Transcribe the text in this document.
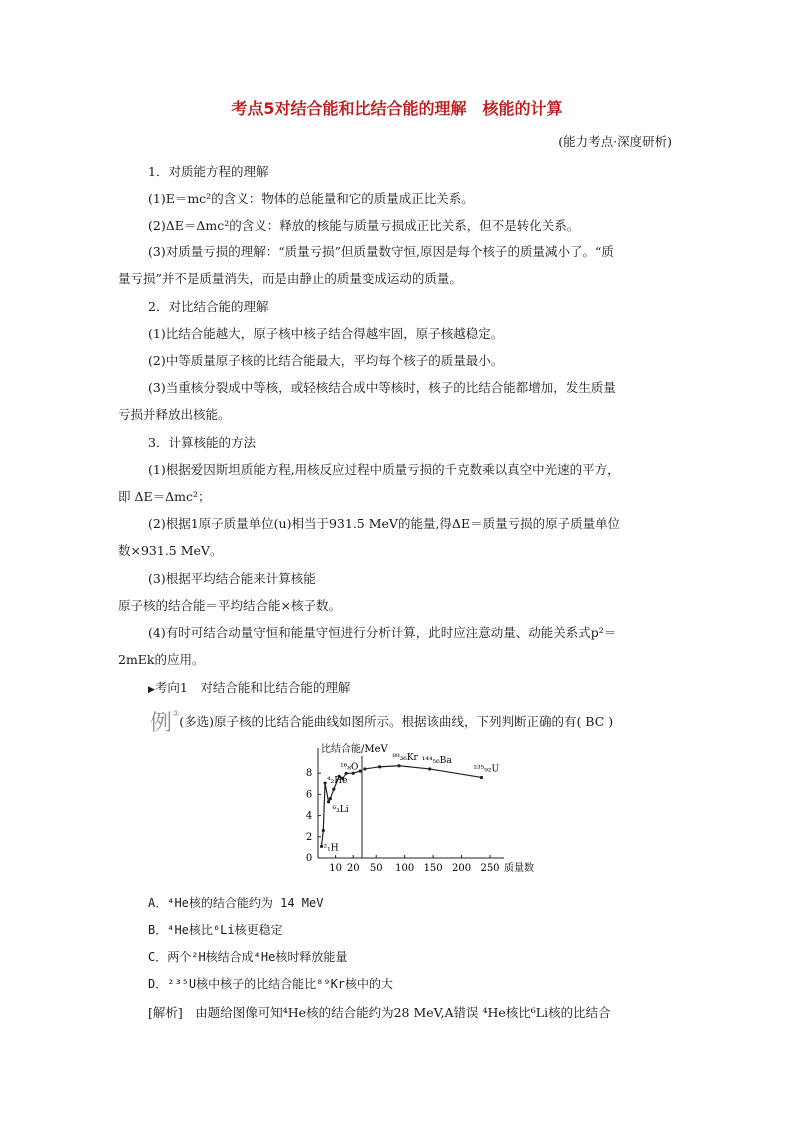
考点5对结合能和比结合能的理解　核能的计算
(能力考点·深度研析)
1．对质能方程的理解
(1)E＝mc²的含义：物体的总能量和它的质量成正比关系。
(2)ΔE＝Δmc²的含义：释放的核能与质量亏损成正比关系，但不是转化关系。
(3)对质量亏损的理解：“质量亏损”但质量数守恒,原因是每个核子的质量减小了。“质
量亏损”并不是质量消失，而是由静止的质量变成运动的质量。
2．对比结合能的理解
(1)比结合能越大，原子核中核子结合得越牢固，原子核越稳定。
(2)中等质量原子核的比结合能最大，平均每个核子的质量最小。
(3)当重核分裂成中等核，或轻核结合成中等核时，核子的比结合能都增加，发生质量
亏损并释放出核能。
3．计算核能的方法
(1)根据爱因斯坦质能方程,用核反应过程中质量亏损的千克数乘以真空中光速的平方，
即 ΔE＝Δmc²；
(2)根据1原子质量单位(u)相当于931.5 MeV的能量,得ΔE＝质量亏损的原子质量单位
数×931.5 MeV。
(3)根据平均结合能来计算核能
原子核的结合能＝平均结合能×核子数。
(4)有时可结合动量守恒和能量守恒进行分析计算，此时应注意动量、动能关系式p²＝
2mEk的应用。
▶考向1　对结合能和比结合能的理解
例③(多选)原子核的比结合能曲线如图所示。根据该曲线，下列判断正确的有( BC )
比结合能/MeV
质量数
0
2
4
6
8
10 20 50 100 150 200 250
²₁H
⁶₃Li
⁴₂He
¹⁶₈O
⁸⁹₃₆Kr ¹⁴⁴₅₆Ba
²³⁵₉₂U
A．⁴He核的结合能约为 14 MeV
B．⁴He核比⁶Li核更稳定
C．两个²H核结合成⁴He核时释放能量
D．²³⁵U核中核子的比结合能比⁸⁹Kr核中的大
[解析]　由题给图像可知⁴He核的结合能约为28 MeV,A错误 ⁴He核比⁶Li核的比结合
